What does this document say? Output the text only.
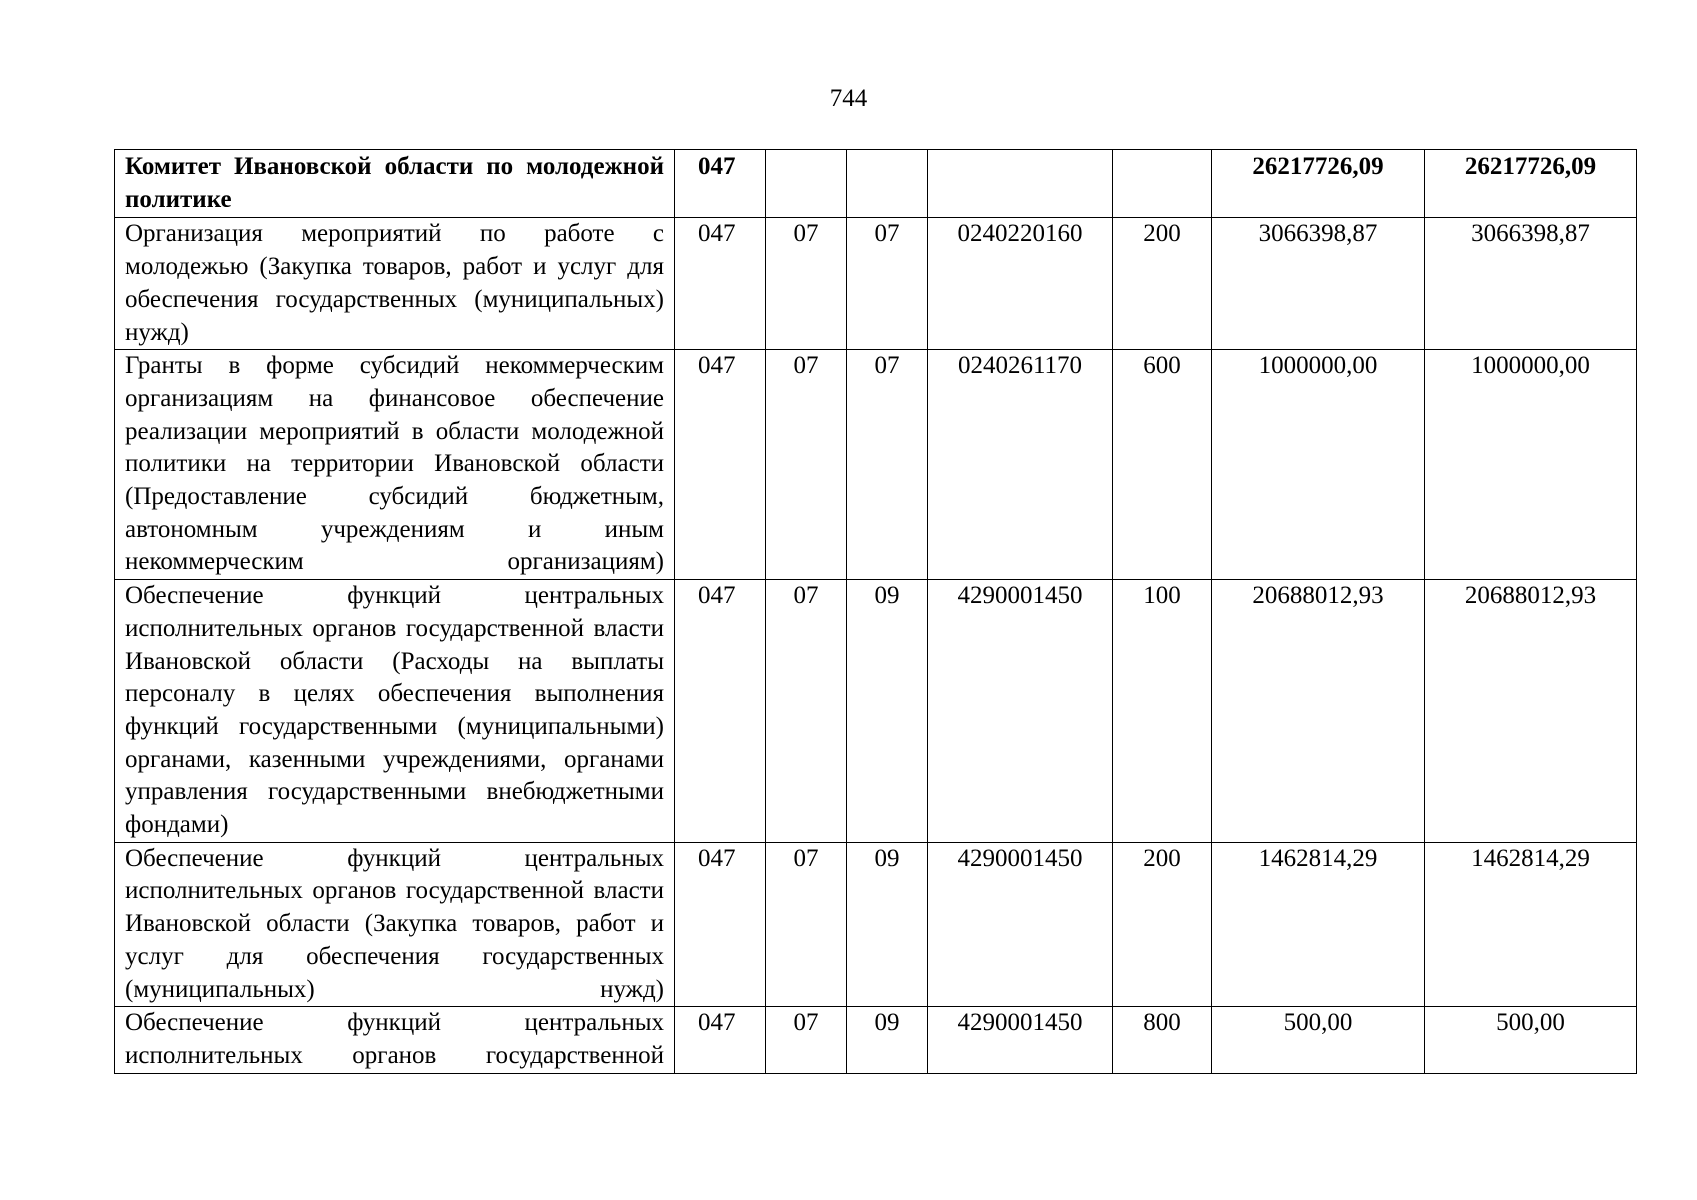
744
Комитет Ивановской области по молодежной политике	047					26217726,09	26217726,09
Организация мероприятий по работе с молодежью (Закупка товаров, работ и услуг для обеспечения государственных (муниципальных) нужд)	047	07	07	0240220160	200	3066398,87	3066398,87
Гранты в форме субсидий некоммерческим организациям на финансовое обеспечение реализации мероприятий в области молодежной политики на территории Ивановской области (Предоставление субсидий бюджетным, автономным учреждениям и иным некоммерческим организациям)	047	07	07	0240261170	600	1000000,00	1000000,00
Обеспечение функций центральных исполнительных органов государственной власти Ивановской области (Расходы на выплаты персоналу в целях обеспечения выполнения функций государственными (муниципальными) органами, казенными учреждениями, органами управления государственными внебюджетными фондами)	047	07	09	4290001450	100	20688012,93	20688012,93
Обеспечение функций центральных исполнительных органов государственной власти Ивановской области (Закупка товаров, работ и услуг для обеспечения государственных (муниципальных) нужд)	047	07	09	4290001450	200	1462814,29	1462814,29
Обеспечение функций центральных исполнительных органов государственной	047	07	09	4290001450	800	500,00	500,00
